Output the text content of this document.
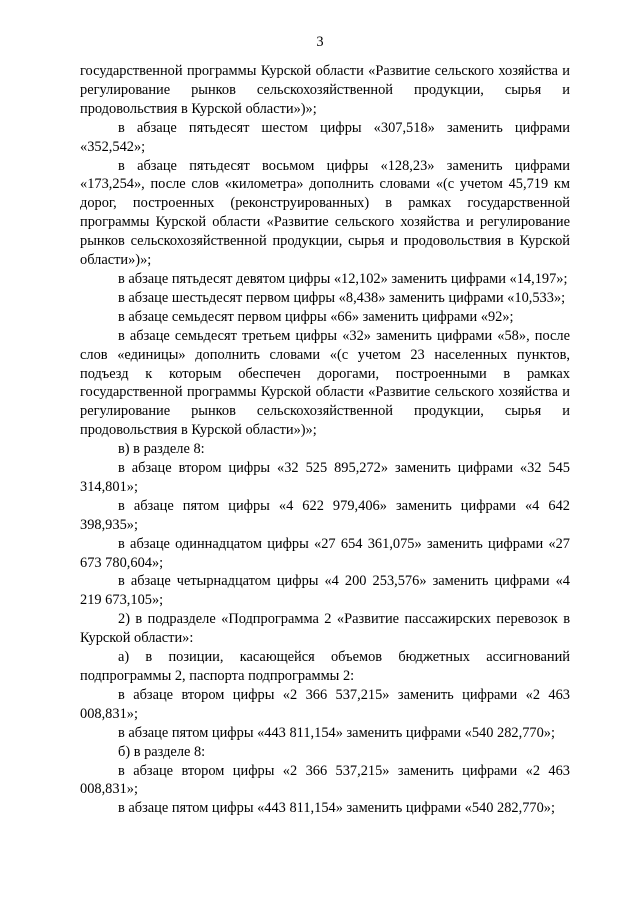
3

государственной программы Курской области «Развитие сельского хозяйства и регулирование рынков сельскохозяйственной продукции, сырья и продовольствия в Курской области»)»;

в абзаце пятьдесят шестом цифры «307,518» заменить цифрами «352,542»;

в абзаце пятьдесят восьмом цифры «128,23» заменить цифрами «173,254», после слов «километра» дополнить словами «(с учетом 45,719 км дорог, построенных (реконструированных) в рамках государственной программы Курской области «Развитие сельского хозяйства и регулирование рынков сельскохозяйственной продукции, сырья и продовольствия в Курской области»)»;

в абзаце пятьдесят девятом цифры «12,102» заменить цифрами «14,197»;

в абзаце шестьдесят первом цифры «8,438» заменить цифрами «10,533»;

в абзаце семьдесят первом цифры «66» заменить цифрами «92»;

в абзаце семьдесят третьем цифры «32» заменить цифрами «58», после слов «единицы» дополнить словами «(с учетом 23 населенных пунктов, подъезд к которым обеспечен дорогами, построенными в рамках государственной программы Курской области «Развитие сельского хозяйства и регулирование рынков сельскохозяйственной продукции, сырья и продовольствия в Курской области»)»;

в) в разделе 8:

в абзаце втором цифры «32 525 895,272» заменить цифрами «32 545 314,801»;

в абзаце пятом цифры «4 622 979,406» заменить цифрами «4 642 398,935»;

в абзаце одиннадцатом цифры «27 654 361,075» заменить цифрами «27 673 780,604»;

в абзаце четырнадцатом цифры «4 200 253,576» заменить цифрами «4 219 673,105»;

2) в подразделе «Подпрограмма 2 «Развитие пассажирских перевозок в Курской области»:

а) в позиции, касающейся объемов бюджетных ассигнований подпрограммы 2, паспорта подпрограммы 2:

в абзаце втором цифры «2 366 537,215» заменить цифрами «2 463 008,831»;

в абзаце пятом цифры «443 811,154» заменить цифрами «540 282,770»;

б) в разделе 8:

в абзаце втором цифры «2 366 537,215» заменить цифрами «2 463 008,831»;

в абзаце пятом цифры «443 811,154» заменить цифрами «540 282,770»;
